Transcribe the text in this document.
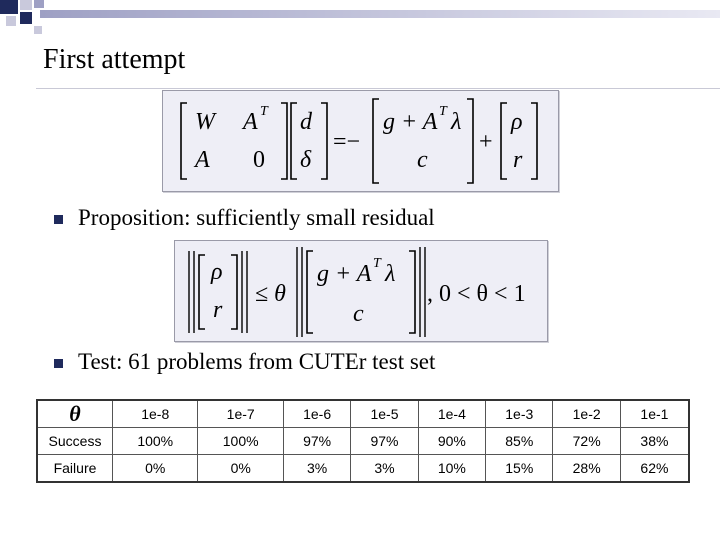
First attempt
W
A
A T
0
d
δ
=−
g + A T λ
c
+
ρ
r
Proposition: sufficiently small residual
ρ
r
≤ θ
g + A T λ
c
, 0 < θ < 1
Test: 61 problems from CUTEr test set
θ	1e-8	1e-7	1e-6	1e-5	1e-4	1e-3	1e-2	1e-1
Success	100%	100%	97%	97%	90%	85%	72%	38%
Failure	0%	0%	3%	3%	10%	15%	28%	62%
